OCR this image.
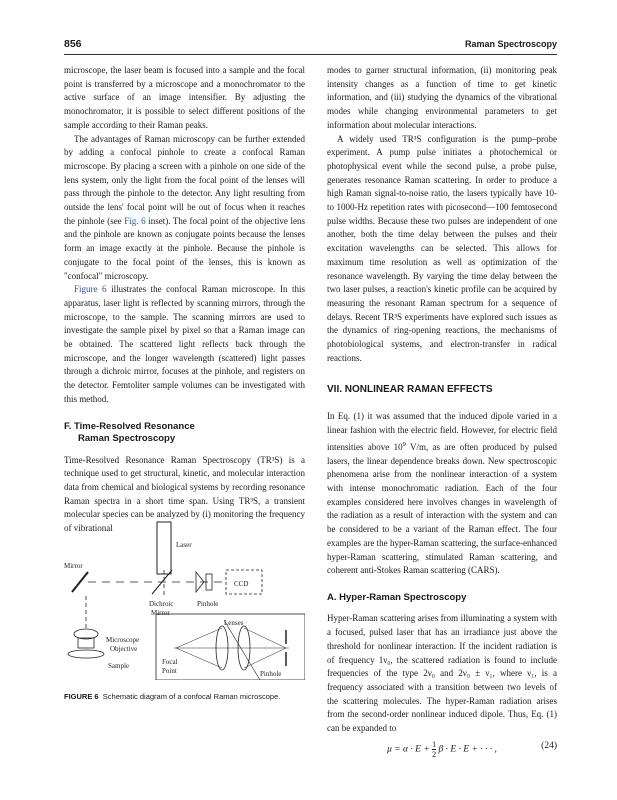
856	Raman Spectroscopy

microscope, the laser beam is focused into a sample and the focal point is transferred by a microscope and a monochromator to the active surface of an image intensifier. By adjusting the monochromator, it is possible to select different positions of the sample according to their Raman peaks.

The advantages of Raman microscopy can be further extended by adding a confocal pinhole to create a confocal Raman microscope. By placing a screen with a pinhole on one side of the lens system, only the light from the focal point of the lenses will pass through the pinhole to the detector. Any light resulting from outside the lens' focal point will be out of focus when it reaches the pinhole (see Fig. 6 inset). The focal point of the objective lens and the pinhole are known as conjugate points because the lenses form an image exactly at the pinhole. Because the pinhole is conjugate to the focal point of the lenses, this is known as "confocal" microscopy.

Figure 6 illustrates the confocal Raman microscope. In this apparatus, laser light is reflected by scanning mirrors, through the microscope, to the sample. The scanning mirrors are used to investigate the sample pixel by pixel so that a Raman image can be obtained. The scattered light reflects back through the microscope, and the longer wavelength (scattered) light passes through a dichroic mirror, focuses at the pinhole, and registers on the detector. Femtoliter sample volumes can be investigated with this method.

F. Time-Resolved Resonance
Raman Spectroscopy

Time-Resolved Resonance Raman Spectroscopy (TR³S) is a technique used to get structural, kinetic, and molecular interaction data from chemical and biological systems by recording resonance Raman spectra in a short time span. Using TR³S, a transient molecular species can be analyzed by (i) monitoring the frequency of vibrational

Laser
Mirror
Dichroic
Mirror
Pinhole
CCD
Microscope
Objective
Sample
Lenses
Focal
Point	Pinhole
FIGURE 6 Schematic diagram of a confocal Raman microscope.

modes to garner structural information, (ii) monitoring peak intensity changes as a function of time to get kinetic information, and (iii) studying the dynamics of the vibrational modes while changing environmental parameters to get information about molecular interactions.

A widely used TR³S configuration is the pump–probe experiment. A pump pulse initiates a photochemical or photophysical event while the second pulse, a probe pulse, generates resonance Raman scattering. In order to produce a high Raman signal-to-noise ratio, the lasers typically have 10- to 1000-Hz repetition rates with picosecond—100 femtosecond pulse widths. Because these two pulses are independent of one another, both the time delay between the pulses and their excitation wavelengths can be selected. This allows for maximum time resolution as well as optimization of the resonance wavelength. By varying the time delay between the two laser pulses, a reaction's kinetic profile can be acquired by measuring the resonant Raman spectrum for a sequence of delays. Recent TR³S experiments have explored such issues as the dynamics of ring-opening reactions, the mechanisms of photobiological systems, and electron-transfer in radical reactions.

VII. NONLINEAR RAMAN EFFECTS

In Eq. (1) it was assumed that the induced dipole varied in a linear fashion with the electric field. However, for electric field intensities above $10^9$ V/m, as are often produced by pulsed lasers, the linear dependence breaks down. New spectroscopic phenomena arise from the nonlinear interaction of a system with intense monochromatic radiation. Each of the four examples considered here involves changes in wavelength of the radiation as a result of interaction with the system and can be considered to be a variant of the Raman effect. The four examples are the hyper-Raman scattering, the surface-enhanced hyper-Raman scattering, stimulated Raman scattering, and coherent anti-Stokes Raman scattering (CARS).

A. Hyper-Raman Spectroscopy

Hyper-Raman scattering arises from illuminating a system with a focused, pulsed laser that has an irradiance just above the threshold for nonlinear interaction. If the incident radiation is of frequency 1ν₀, the scattered radiation is found to include frequencies of the type 2ν₀ and 2ν₀ ± ν₁, where ν₁, is a frequency associated with a transition between two levels of the scattering molecules. The hyper-Raman radiation arises from the second-order nonlinear induced dipole. Thus, Eq. (1) can be expanded to

$\mu = \alpha \cdot E + \frac{1}{2}$ β · E · E + · · · ,	(24)
